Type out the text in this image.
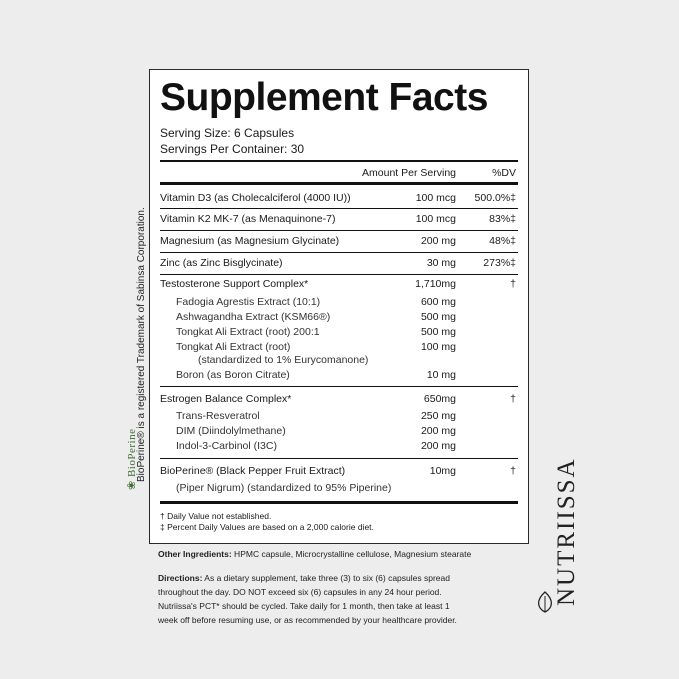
❀ BioPerine
BioPerine® is a registered Trademark of Sabinsa Corporation.
Supplement Facts
Serving Size: 6 Capsules
Servings Per Container: 30
Amount Per Serving	%DV
Vitamin D3 (as Cholecalciferol (4000 IU))	100 mcg 500.0%‡
Vitamin K2 MK-7 (as Menaquinone-7)	100 mcg	83%‡
Magnesium (as Magnesium Glycinate)	200 mg	48%‡
Zinc (as Zinc Bisglycinate)	30 mg	273%‡
Testosterone Support Complex*	1,710mg	†
Fadogia Agrestis Extract (10:1)	600 mg
Ashwagandha Extract (KSM66®)	500 mg
Tongkat Ali Extract (root) 200:1	500 mg
Tongkat Ali Extract (root)	100 mg
(standardized to 1% Eurycomanone)
Boron (as Boron Citrate)	10 mg
Estrogen Balance Complex*	650mg	†
Trans-Resveratrol	250 mg
DIM (Diindolylmethane)	200 mg
Indol-3-Carbinol (I3C)	200 mg
BioPerine® (Black Pepper Fruit Extract)	10mg	†
(Piper Nigrum) (standardized to 95% Piperine)
† Daily Value not established.
‡ Percent Daily Values are based on a 2,000 calorie diet.
Other Ingredients: HPMC capsule, Microcrystalline cellulose, Magnesium stearate
Directions: As a dietary supplement, take three (3) to six (6) capsules spread
throughout the day. DO NOT exceed six (6) capsules in any 24 hour period.
Nutriissa's PCT* should be cycled. Take daily for 1 month, then take at least 1
week off before resuming use, or as recommended by your healthcare provider.
NUTRIISSA
